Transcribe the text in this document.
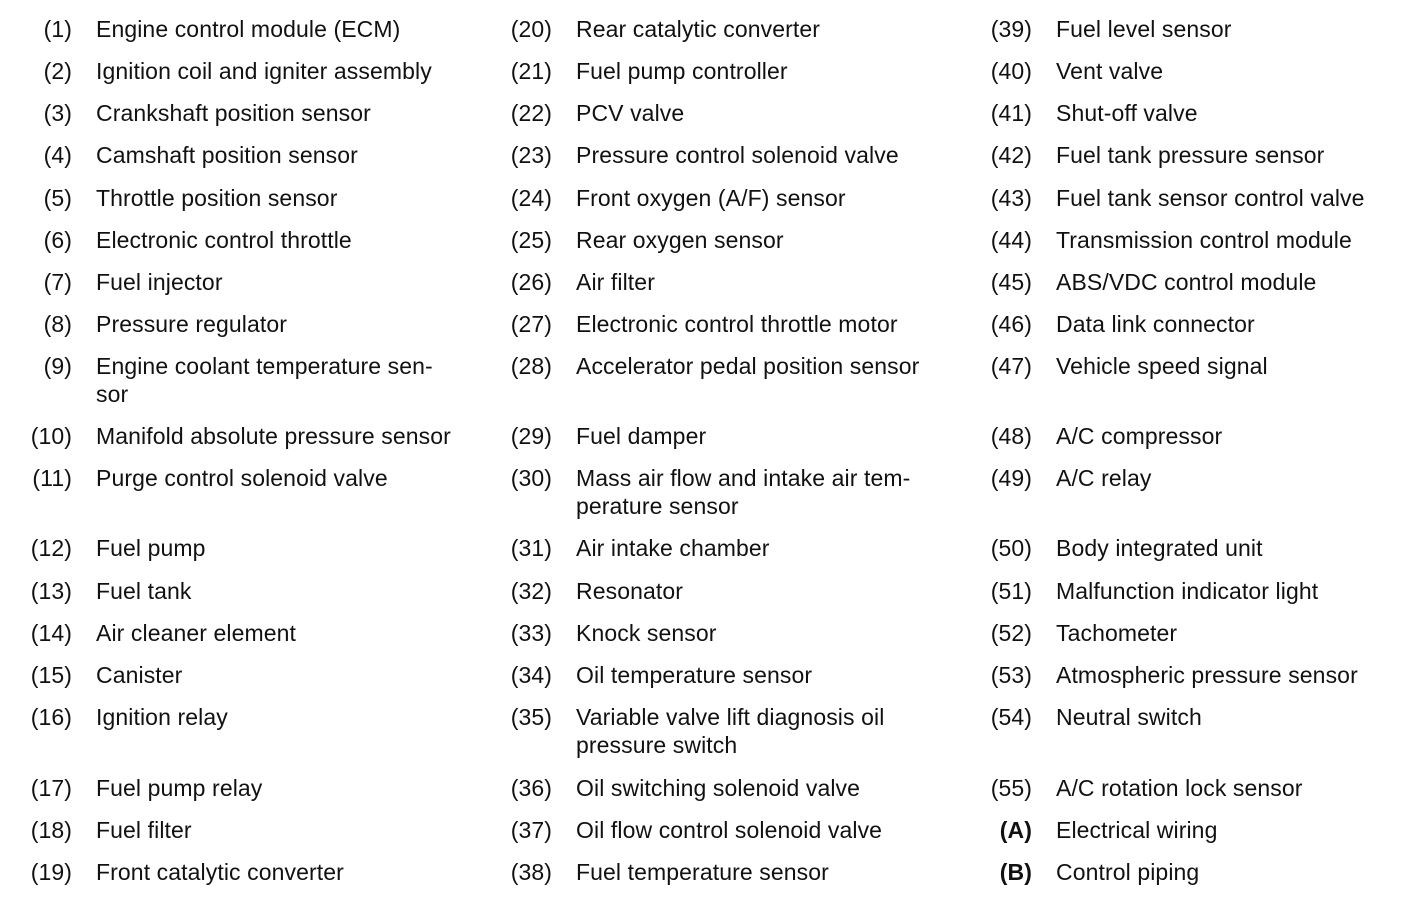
(1) Engine control module (ECM)
(2) Ignition coil and igniter assembly
(3) Crankshaft position sensor
(4) Camshaft position sensor
(5) Throttle position sensor
(6) Electronic control throttle
(7) Fuel injector
(8) Pressure regulator
(9) Engine coolant temperature sen-
sor
(10) Manifold absolute pressure sensor
(11) Purge control solenoid valve
(12) Fuel pump
(13) Fuel tank
(14) Air cleaner element
(15) Canister
(16) Ignition relay
(17) Fuel pump relay
(18) Fuel filter
(19) Front catalytic converter
(20) Rear catalytic converter
(21) Fuel pump controller
(22) PCV valve
(23) Pressure control solenoid valve
(24) Front oxygen (A/F) sensor
(25) Rear oxygen sensor
(26) Air filter
(27) Electronic control throttle motor
(28) Accelerator pedal position sensor
(29) Fuel damper
(30) Mass air flow and intake air tem-
perature sensor
(31) Air intake chamber
(32) Resonator
(33) Knock sensor
(34) Oil temperature sensor
(35) Variable valve lift diagnosis oil
pressure switch
(36) Oil switching solenoid valve
(37) Oil flow control solenoid valve
(38) Fuel temperature sensor
(39) Fuel level sensor
(40) Vent valve
(41) Shut-off valve
(42) Fuel tank pressure sensor
(43) Fuel tank sensor control valve
(44) Transmission control module
(45) ABS/VDC control module
(46) Data link connector
(47) Vehicle speed signal
(48) A/C compressor
(49) A/C relay
(50) Body integrated unit
(51) Malfunction indicator light
(52) Tachometer
(53) Atmospheric pressure sensor
(54) Neutral switch
(55) A/C rotation lock sensor
(A) Electrical wiring
(B) Control piping
